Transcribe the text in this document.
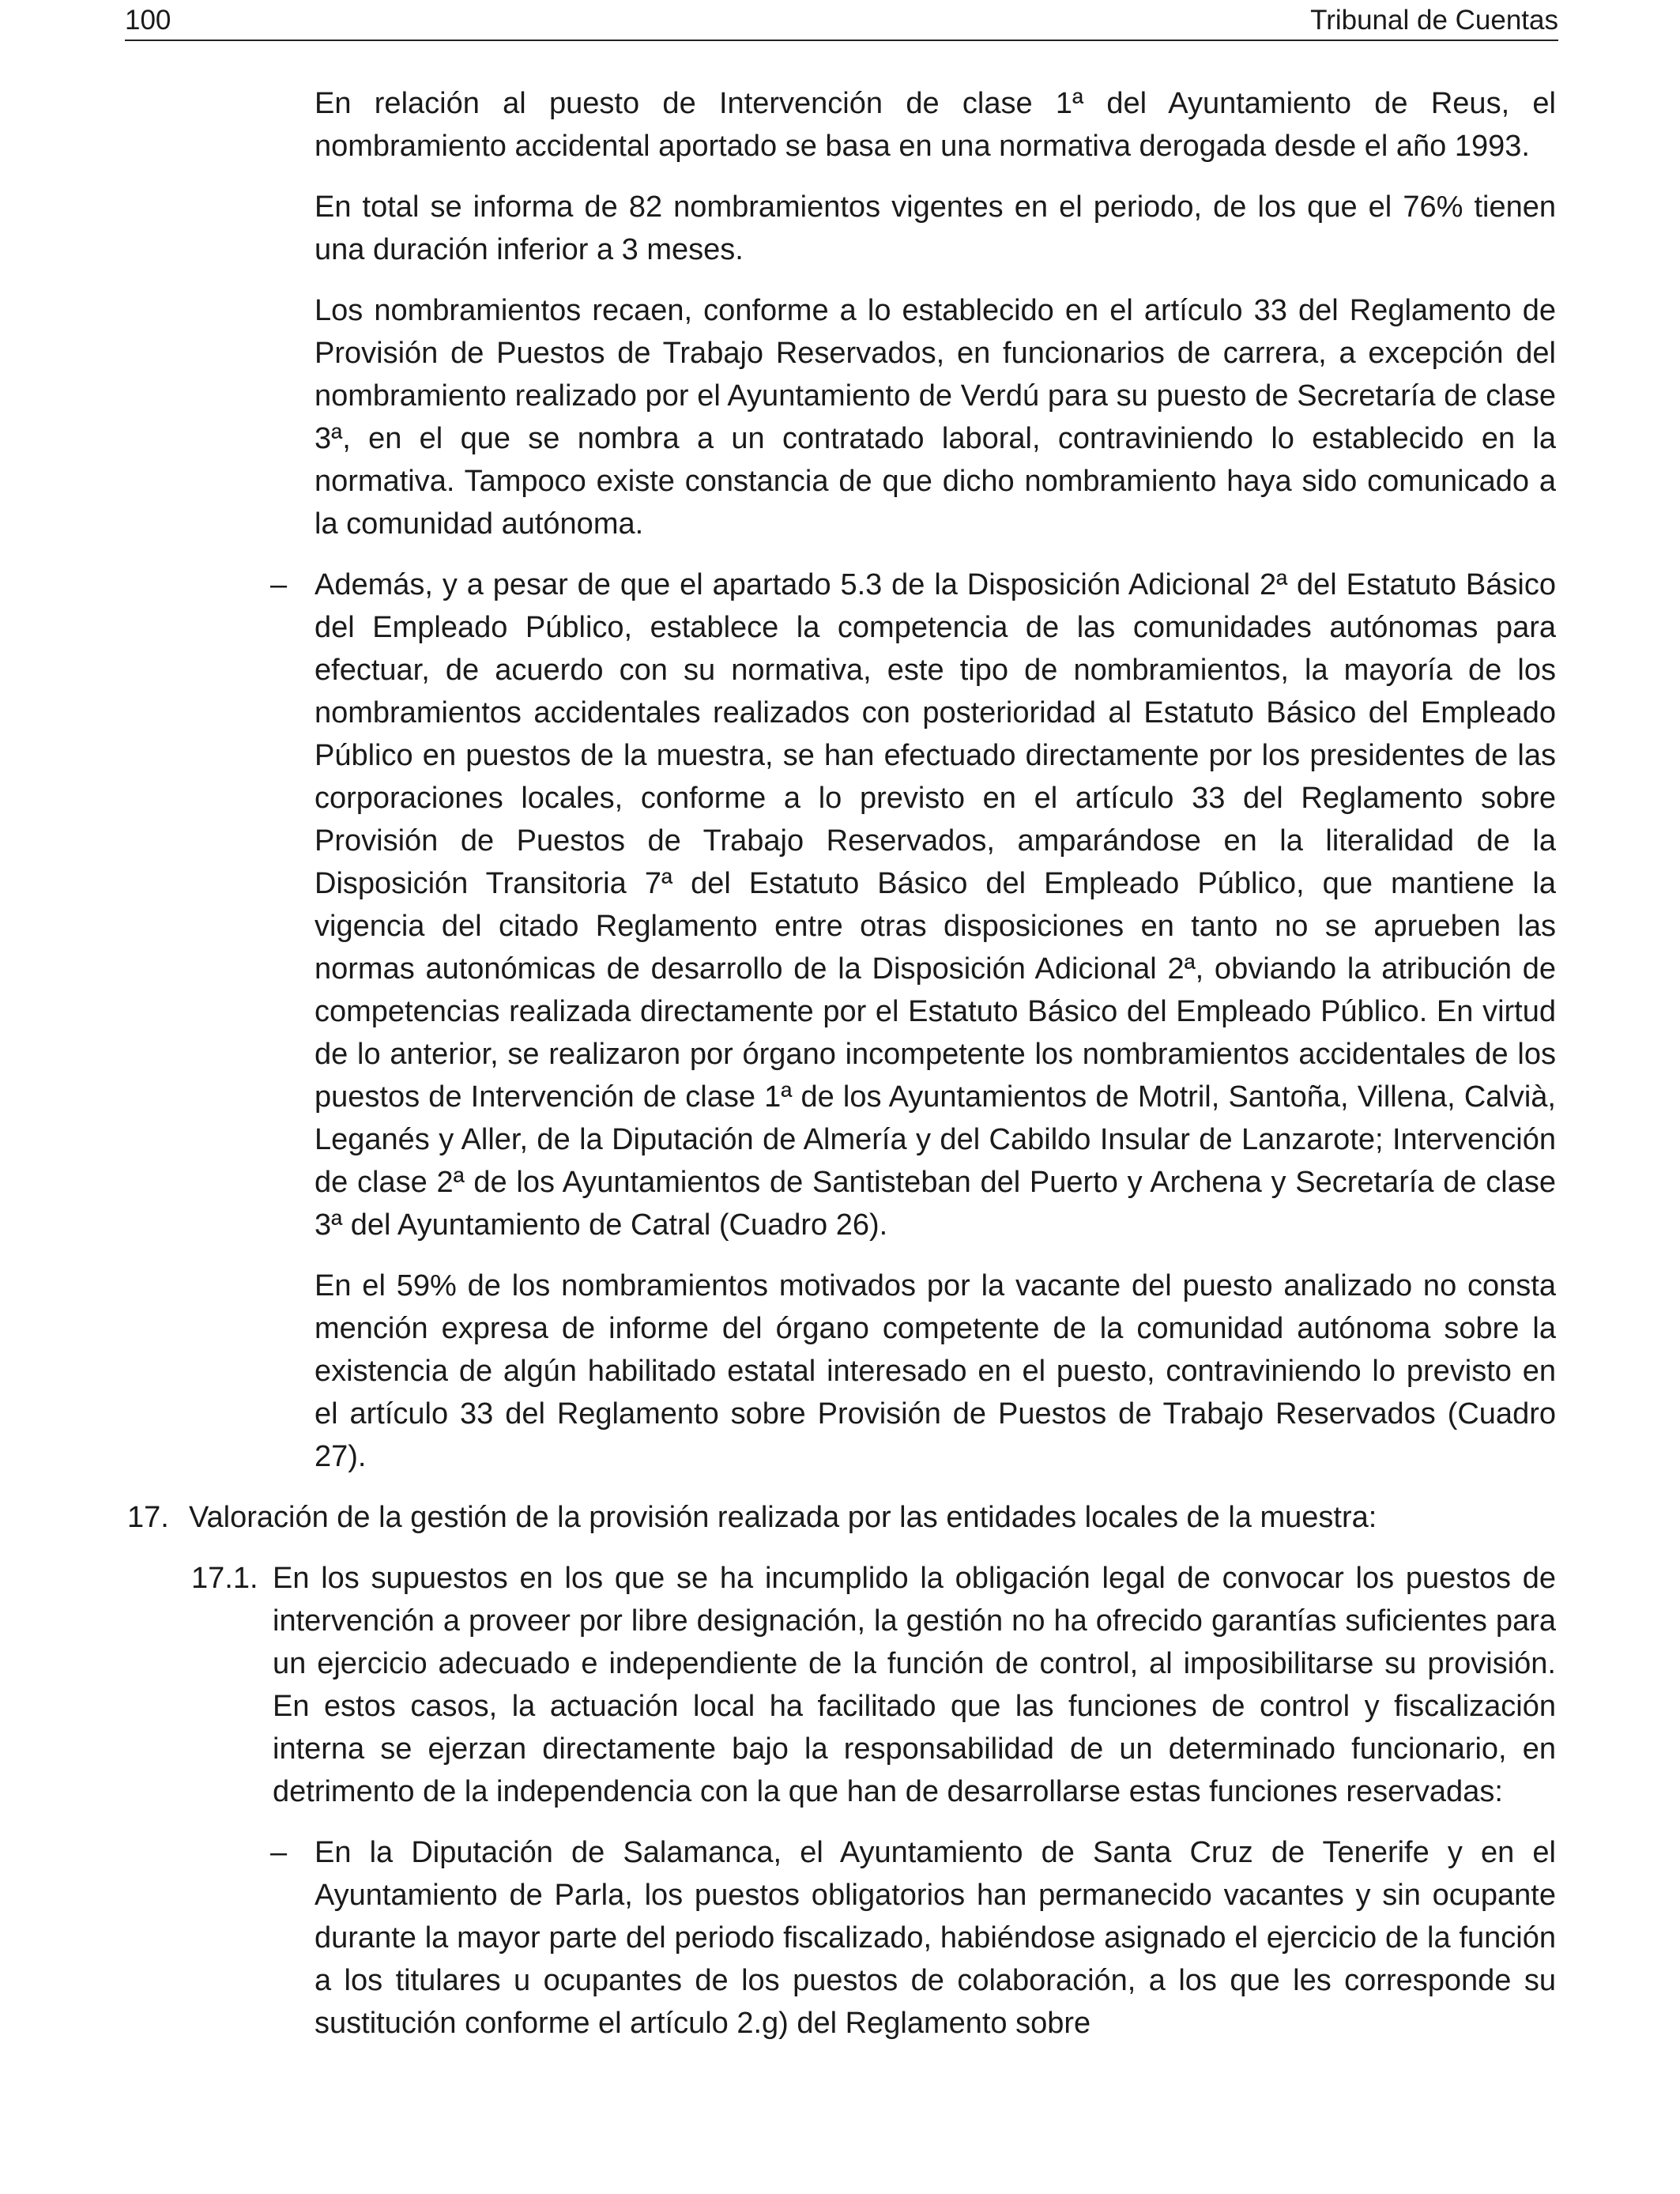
100	Tribunal de Cuentas

En relación al puesto de Intervención de clase 1ª del Ayuntamiento de Reus, el nombramiento accidental aportado se basa en una normativa derogada desde el año 1993.

En total se informa de 82 nombramientos vigentes en el periodo, de los que el 76% tienen una duración inferior a 3 meses.

Los nombramientos recaen, conforme a lo establecido en el artículo 33 del Reglamento de Provisión de Puestos de Trabajo Reservados, en funcionarios de carrera, a excepción del nombramiento realizado por el Ayuntamiento de Verdú para su puesto de Secretaría de clase 3ª, en el que se nombra a un contratado laboral, contraviniendo lo establecido en la normativa. Tampoco existe constancia de que dicho nombramiento haya sido comunicado a la comunidad autónoma.

– Además, y a pesar de que el apartado 5.3 de la Disposición Adicional 2ª del Estatuto Básico del Empleado Público, establece la competencia de las comunidades autónomas para efectuar, de acuerdo con su normativa, este tipo de nombramientos, la mayoría de los nombramientos accidentales realizados con posterioridad al Estatuto Básico del Empleado Público en puestos de la muestra, se han efectuado directamente por los presidentes de las corporaciones locales, conforme a lo previsto en el artículo 33 del Reglamento sobre Provisión de Puestos de Trabajo Reservados, amparándose en la literalidad de la Disposición Transitoria 7ª del Estatuto Básico del Empleado Público, que mantiene la vigencia del citado Reglamento entre otras disposiciones en tanto no se aprueben las normas autonómicas de desarrollo de la Disposición Adicional 2ª, obviando la atribución de competencias realizada directamente por el Estatuto Básico del Empleado Público. En virtud de lo anterior, se realizaron por órgano incompetente los nombramientos accidentales de los puestos de Intervención de clase 1ª de los Ayuntamientos de Motril, Santoña, Villena, Calvià, Leganés y Aller, de la Diputación de Almería y del Cabildo Insular de Lanzarote; Intervención de clase 2ª de los Ayuntamientos de Santisteban del Puerto y Archena y Secretaría de clase 3ª del Ayuntamiento de Catral (Cuadro 26).

En el 59% de los nombramientos motivados por la vacante del puesto analizado no consta mención expresa de informe del órgano competente de la comunidad autónoma sobre la existencia de algún habilitado estatal interesado en el puesto, contraviniendo lo previsto en el artículo 33 del Reglamento sobre Provisión de Puestos de Trabajo Reservados (Cuadro 27).

17. Valoración de la gestión de la provisión realizada por las entidades locales de la muestra:

17.1. En los supuestos en los que se ha incumplido la obligación legal de convocar los puestos de intervención a proveer por libre designación, la gestión no ha ofrecido garantías suficientes para un ejercicio adecuado e independiente de la función de control, al imposibilitarse su provisión. En estos casos, la actuación local ha facilitado que las funciones de control y fiscalización interna se ejerzan directamente bajo la responsabilidad de un determinado funcionario, en detrimento de la independencia con la que han de desarrollarse estas funciones reservadas:

– En la Diputación de Salamanca, el Ayuntamiento de Santa Cruz de Tenerife y en el Ayuntamiento de Parla, los puestos obligatorios han permanecido vacantes y sin ocupante durante la mayor parte del periodo fiscalizado, habiéndose asignado el ejercicio de la función a los titulares u ocupantes de los puestos de colaboración, a los que les corresponde su sustitución conforme el artículo 2.g) del Reglamento sobre
